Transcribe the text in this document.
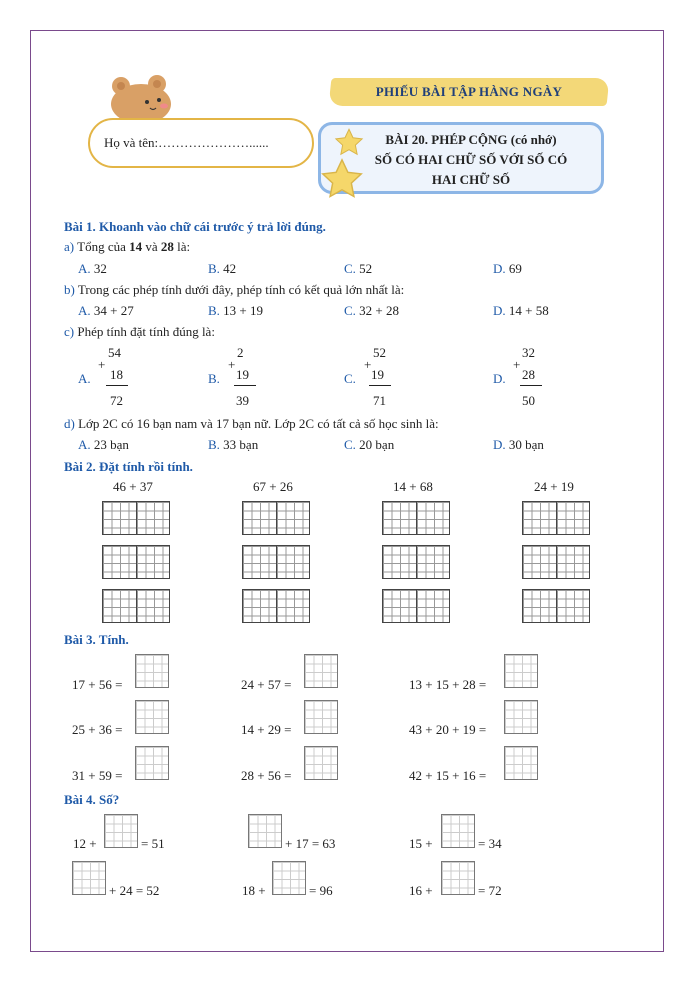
PHIẾU BÀI TẬP HÀNG NGÀY
Họ và tên:…………………......	BÀI 20. PHÉP CỘNG (có nhớ)
SỐ CÓ HAI CHỮ SỐ VỚI SỐ CÓ
HAI CHỮ SỐ
Bài 1. Khoanh vào chữ cái trước ý trả lời đúng.
a) Tổng của 14 và 28 là:
A. 32	B. 42	C. 52	D. 69
b) Trong các phép tính dưới đây, phép tính có kết quả lớn nhất là:
A. 34 + 27	B. 13 + 19	C. 32 + 28	D. 14 + 58
c) Phép tính đặt tính đúng là:
A.
54
+
18
72
B.
2
+
19
39
C.
52
+
19
71
D.
32
+
28
50
d) Lớp 2C có 16 bạn nam và 17 bạn nữ. Lớp 2C có tất cả số học sinh là:
A. 23 bạn	B. 33 bạn	C. 20 bạn	D. 30 bạn
Bài 2. Đặt tính rồi tính.
46 + 37	67 + 26	14 + 68	24 + 19
Bài 3. Tính.
17 + 56 =	24 + 57 =	13 + 15 + 28 =
25 + 36 =	14 + 29 =	43 + 20 + 19 =
31 + 59 =	28 + 56 =	42 + 15 + 16 =
Bài 4. Số?
12 +	= 51	+ 17 = 63	15 +	= 34
+ 24 = 52	18 +	= 96	16 +	= 72
